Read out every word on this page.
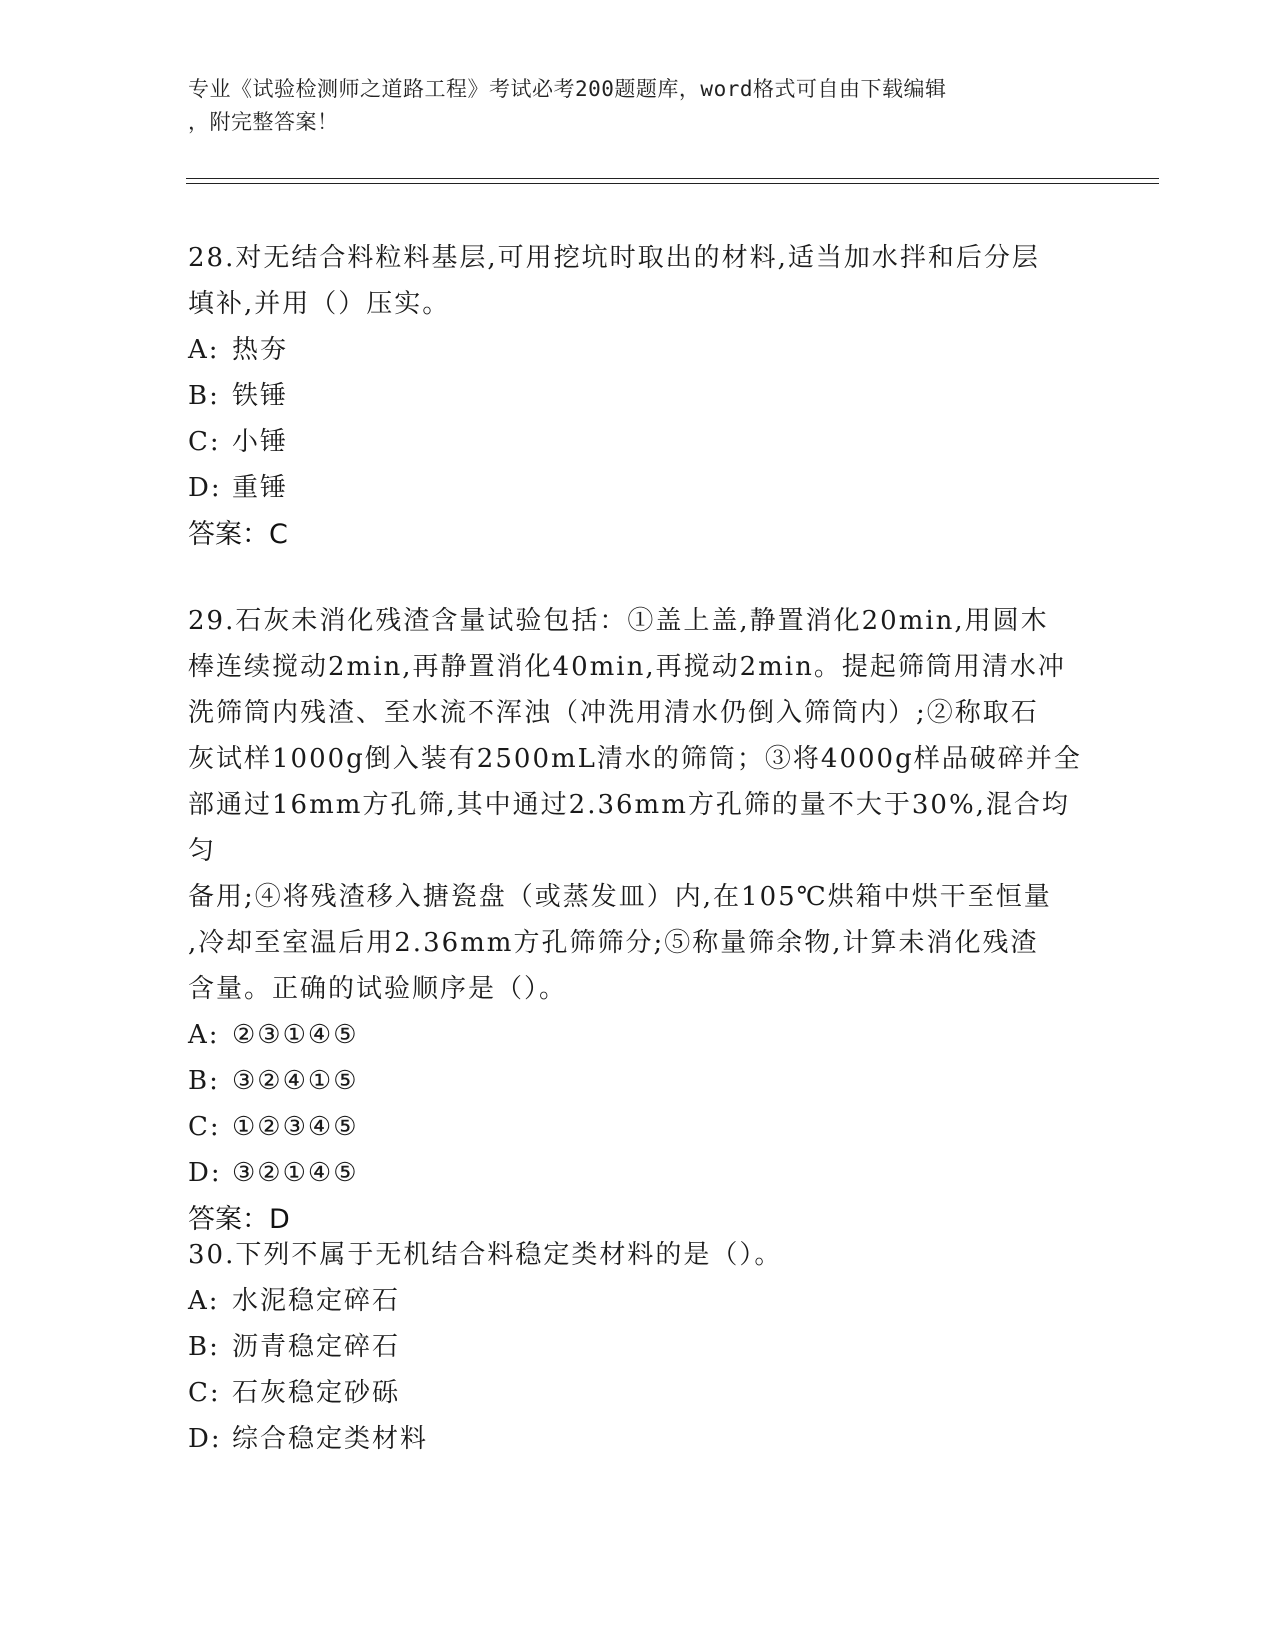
专业《试验检测师之道路工程》考试必考200题题库，word格式可自由下载编辑
，附完整答案！
28.对无结合料粒料基层,可用挖坑时取出的材料,适当加水拌和后分层
填补,并用（）压实。
A: 热夯
B: 铁锤
C: 小锤
D: 重锤
答案：C
29.石灰未消化残渣含量试验包括：①盖上盖,静置消化20min,用圆木
棒连续搅动2min,再静置消化40min,再搅动2min。提起筛筒用清水冲
洗筛筒内残渣、至水流不浑浊（冲洗用清水仍倒入筛筒内）;②称取石
灰试样1000g倒入装有2500mL清水的筛筒；③将4000g样品破碎并全
部通过16mm方孔筛,其中通过2.36mm方孔筛的量不大于30%,混合均匀
备用;④将残渣移入搪瓷盘（或蒸发皿）内,在105℃烘箱中烘干至恒量
,冷却至室温后用2.36mm方孔筛筛分;⑤称量筛余物,计算未消化残渣
含量。正确的试验顺序是（）。
A: ②③①④⑤
B: ③②④①⑤
C: ①②③④⑤
D: ③②①④⑤
答案：D
30.下列不属于无机结合料稳定类材料的是（）。
A: 水泥稳定碎石
B: 沥青稳定碎石
C: 石灰稳定砂砾
D: 综合稳定类材料
